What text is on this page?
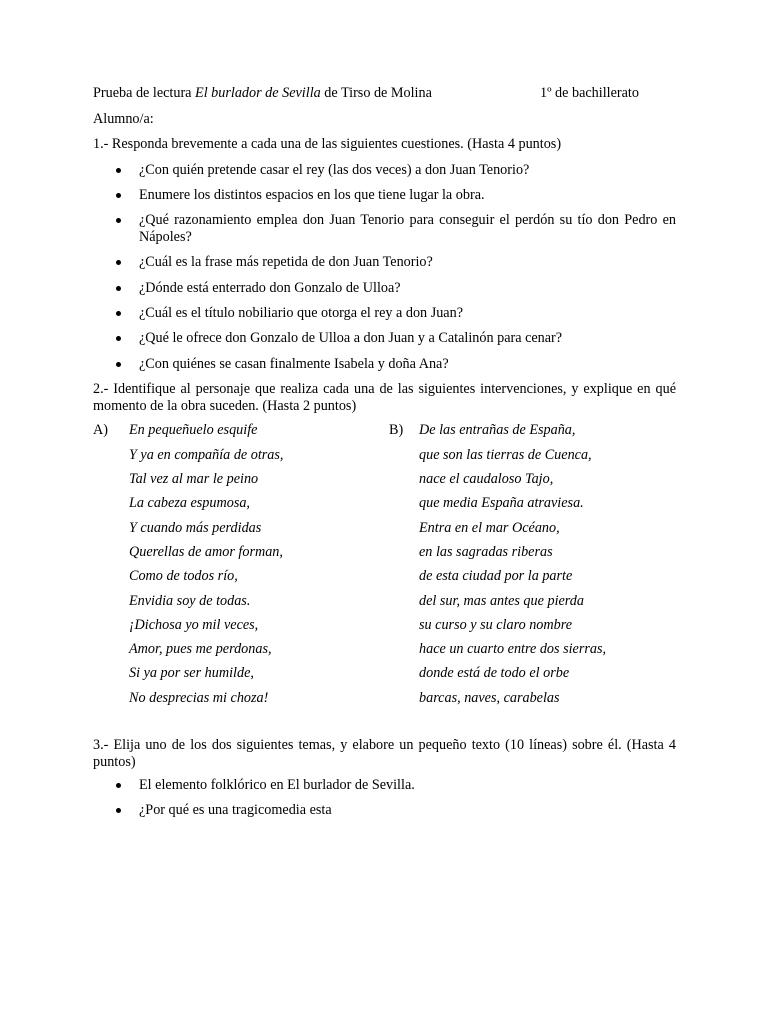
Prueba de lectura El burlador de Sevilla de Tirso de Molina	1º de bachillerato
Alumno/a:
1.- Responda brevemente a cada una de las siguientes cuestiones. (Hasta 4 puntos)
¿Con quién pretende casar el rey (las dos veces) a don Juan Tenorio?
Enumere los distintos espacios en los que tiene lugar la obra.
¿Qué razonamiento emplea don Juan Tenorio para conseguir el perdón su tío don Pedro en Nápoles?
¿Cuál es la frase más repetida de don Juan Tenorio?
¿Dónde está enterrado don Gonzalo de Ulloa?
¿Cuál es el título nobiliario que otorga el rey a don Juan?
¿Qué le ofrece don Gonzalo de Ulloa a don Juan y a Catalinón para cenar?
¿Con quiénes se casan finalmente Isabela y doña Ana?
2.- Identifique al personaje que realiza cada una de las siguientes intervenciones, y explique en qué momento de la obra suceden. (Hasta 2 puntos)
A) En pequeñuelo esquife
Y ya en compañía de otras,
Tal vez al mar le peino
La cabeza espumosa,
Y cuando más perdidas
Querellas de amor forman,
Como de todos río,
Envidia soy de todas.
¡Dichosa yo mil veces,
Amor, pues me perdonas,
Si ya por ser humilde,
No desprecias mi choza!
B) De las entrañas de España,
que son las tierras de Cuenca,
nace el caudaloso Tajo,
que media España atraviesa.
Entra en el mar Océano,
en las sagradas riberas
de esta ciudad por la parte
del sur, mas antes que pierda
su curso y su claro nombre
hace un cuarto entre dos sierras,
donde está de todo el orbe
barcas, naves, carabelas
3.- Elija uno de los dos siguientes temas, y elabore un pequeño texto (10 líneas) sobre él. (Hasta 4 puntos)
El elemento folklórico en El burlador de Sevilla.
¿Por qué es una tragicomedia esta
